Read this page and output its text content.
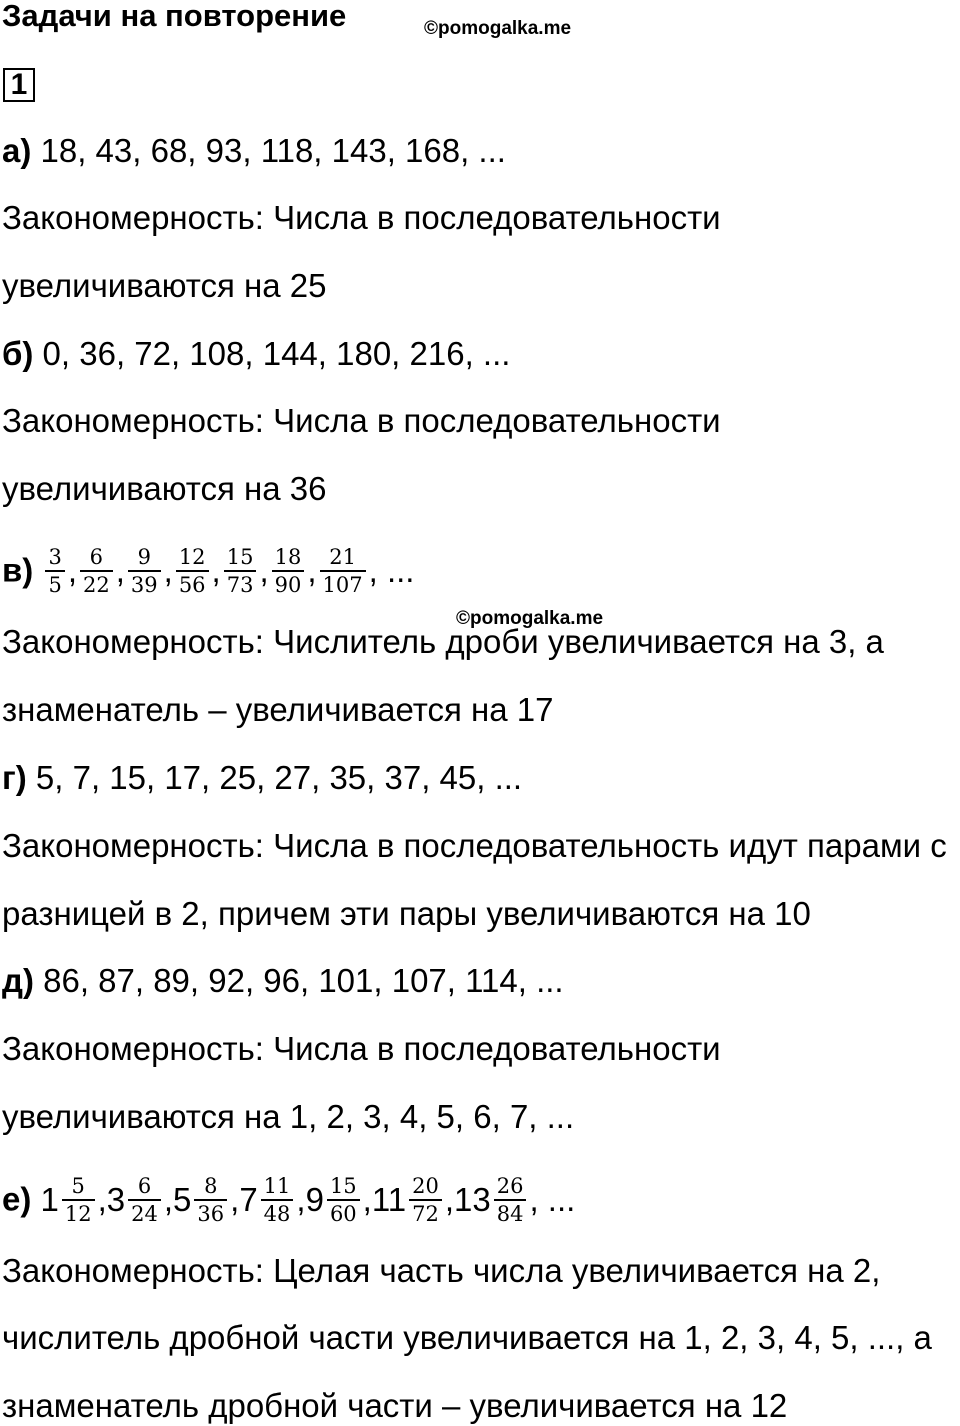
Задачи на повторение	©pomogalka.me
1
а) 18, 43, 68, 93, 118, 143, 168, ...
Закономерность: Числа в последовательности
увеличиваются на 25
б) 0, 36, 72, 108, 144, 180, 216, ...
Закономерность: Числа в последовательности
увеличиваются на 36
$в) \frac{3}{5}$ , $\frac{6}{22}$ , $\frac{9}{39}$ , $\frac{12}{56}$ , $\frac{15}{73}$ , $\frac{18}{90}$ , $\frac{21}{107}$ , ...
©pomogalka.me
Закономерность: Числитель дроби увеличивается на 3, а
знаменатель – увеличивается на 17
г) 5, 7, 15, 17, 25, 27, 35, 37, 45, ...
Закономерность: Числа в последовательность идут парами с
разницей в 2, причем эти пары увеличиваются на 10
д) 86, 87, 89, 92, 96, 101, 107, 114, ...
Закономерность: Числа в последовательности
увеличиваются на 1, 2, 3, 4, 5, 6, 7, ...
е) $1 \frac{5}{12} ,3 \frac{6}{24} ,5 \frac{8}{36} ,7 \frac{11}{48} ,9 \frac{15}{60} ,11 \frac{20}{72} ,13 \frac{26}{84}$ , ...
Закономерность: Целая часть числа увеличивается на 2,
числитель дробной части увеличивается на 1, 2, 3, 4, 5, ..., а
знаменатель дробной части – увеличивается на 12
